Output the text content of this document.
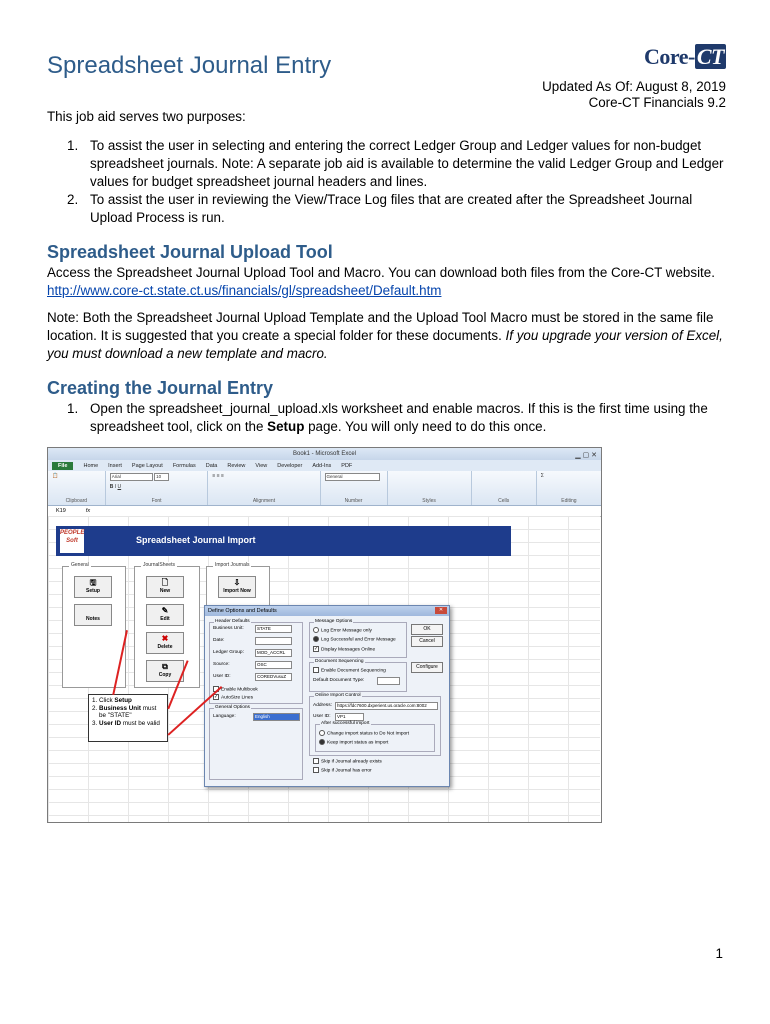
Spreadsheet Journal Entry	Core-CT
Updated As Of: August 8, 2019
Core-CT Financials 9.2
This job aid serves two purposes:
1. To assist the user in selecting and entering the correct Ledger Group and Ledger values for non-budget spreadsheet journals. Note: A separate job aid is available to determine the valid Ledger Group and Ledger values for budget spreadsheet journal headers and lines.
2. To assist the user in reviewing the View/Trace Log files that are created after the Spreadsheet Journal Upload Process is run.
Spreadsheet Journal Upload Tool
Access the Spreadsheet Journal Upload Tool and Macro. You can download both files from the Core-CT website. http://www.core-ct.state.ct.us/financials/gl/spreadsheet/Default.htm
Note: Both the Spreadsheet Journal Upload Template and the Upload Tool Macro must be stored in the same file location. It is suggested that you create a special folder for these documents. If you upgrade your version of Excel, you must download a new template and macro.
Creating the Journal Entry
1. Open the spreadsheet_journal_upload.xls worksheet and enable macros. If this is the first time using the spreadsheet tool, click on the Setup page. You will only need to do this once.
Book1 - Microsoft Excel	▁ ▢ ✕
File	Home Insert Page Layout Formulas Data Review View Developer Add-Ins PDF
📋
Clipboard
Arial	10
B I U
Font
≡ ≡ ≡
Alignment
General
Number	Styles	Cells
Σ
Editing
K19	fx
PEOPLE Soft	Spreadsheet Journal Import
General	JournalSheets	Import Journals
🖫
Setup
🗋
New
⇩
Import Now
Notes
✎
Edit
✖
Delete
⧉
Copy
Define Options and Defaults	✕
Header Defaults
Business Unit:	STATE
Date:
Ledger Group:	MOD_ACCRL
Source:	OSC
User ID:	COREDVusuZ
Enable Multibook
✓ AutoSize Lines
General Options
Language:	English
Message Options
Log Error Message only
Log Successful and Error Message
✓ Display Messages Online
OK
Cancel
Configure
Document Sequencing
Enable Document Sequencing
Default Document Type:
Online Import Control
Address:	https://fdc7600.dxperient.us.oracle.com:8002
User ID:	VP1
After successful import
Change import status to Do Not Import
Keep import status as Import
Skip if Journal already exists
Skip if Journal has error
1. Click Setup
2. Business Unit must
be "STATE"
3. User ID must be valid
1
